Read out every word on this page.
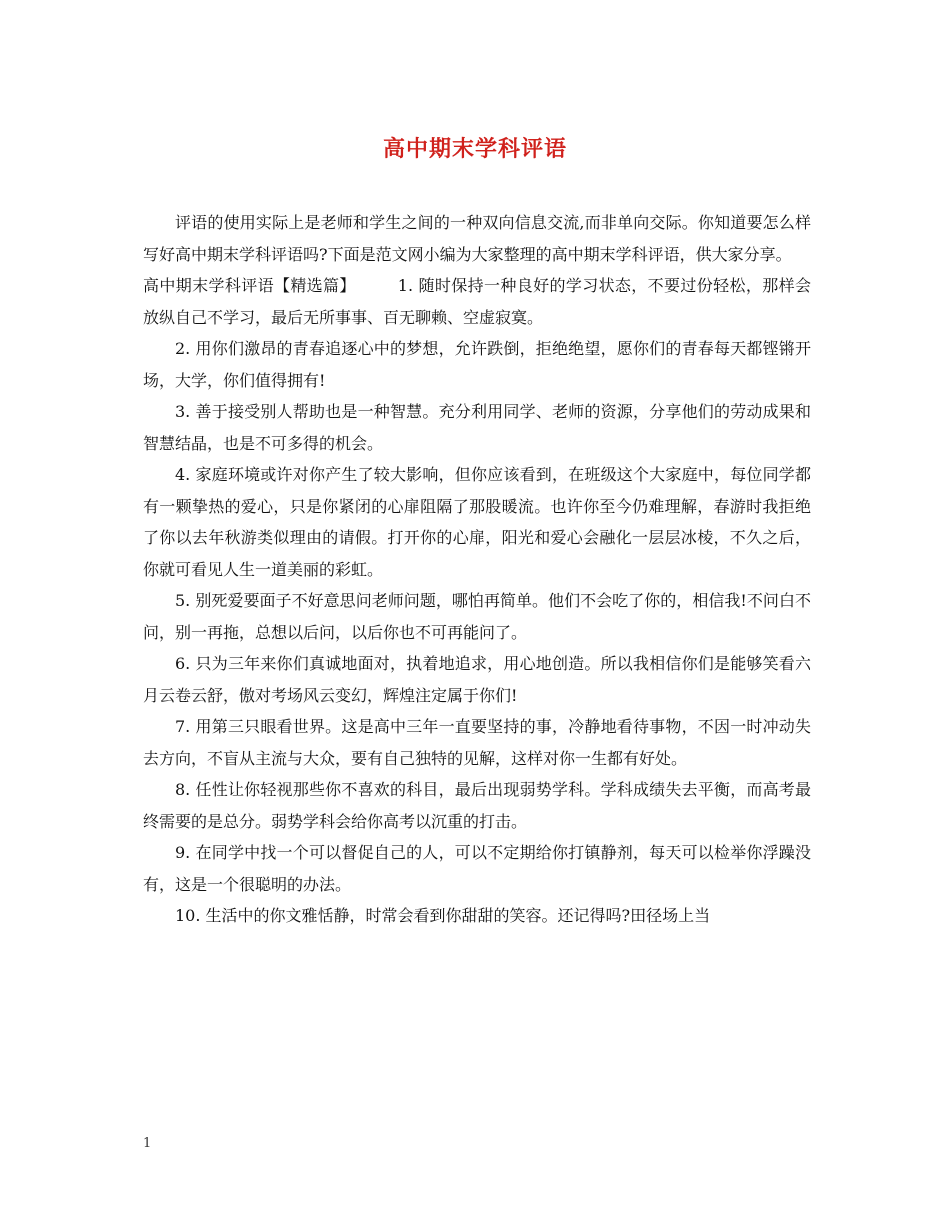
高中期末学科评语

评语的使用实际上是老师和学生之间的一种双向信息交流,而非单向交际。你知道要怎么样写好高中期末学科评语吗?下面是范文网小编为大家整理的高中期末学科评语，供大家分享。

高中期末学科评语【精选篇】	1. 随时保持一种良好的学习状态，不要过份轻松，那样会放纵自己不学习，最后无所事事、百无聊赖、空虚寂寞。

2. 用你们激昂的青春追逐心中的梦想，允许跌倒，拒绝绝望，愿你们的青春每天都铿锵开场，大学，你们值得拥有!

3. 善于接受别人帮助也是一种智慧。充分利用同学、老师的资源，分享他们的劳动成果和智慧结晶，也是不可多得的机会。

4. 家庭环境或许对你产生了较大影响，但你应该看到，在班级这个大家庭中，每位同学都有一颗挚热的爱心，只是你紧闭的心扉阻隔了那股暖流。也许你至今仍难理解，春游时我拒绝了你以去年秋游类似理由的请假。打开你的心扉，阳光和爱心会融化一层层冰棱，不久之后，你就可看见人生一道美丽的彩虹。

5. 别死爱要面子不好意思问老师问题，哪怕再简单。他们不会吃了你的，相信我!不问白不问，别一再拖，总想以后问，以后你也不可再能问了。

6. 只为三年来你们真诚地面对，执着地追求，用心地创造。所以我相信你们是能够笑看六月云卷云舒，傲对考场风云变幻，辉煌注定属于你们!

7. 用第三只眼看世界。这是高中三年一直要坚持的事，冷静地看待事物，不因一时冲动失去方向，不盲从主流与大众，要有自己独特的见解，这样对你一生都有好处。

8. 任性让你轻视那些你不喜欢的科目，最后出现弱势学科。学科成绩失去平衡，而高考最终需要的是总分。弱势学科会给你高考以沉重的打击。

9. 在同学中找一个可以督促自己的人，可以不定期给你打镇静剂，每天可以检举你浮躁没有，这是一个很聪明的办法。

10. 生活中的你文雅恬静，时常会看到你甜甜的笑容。还记得吗?田径场上当

1
